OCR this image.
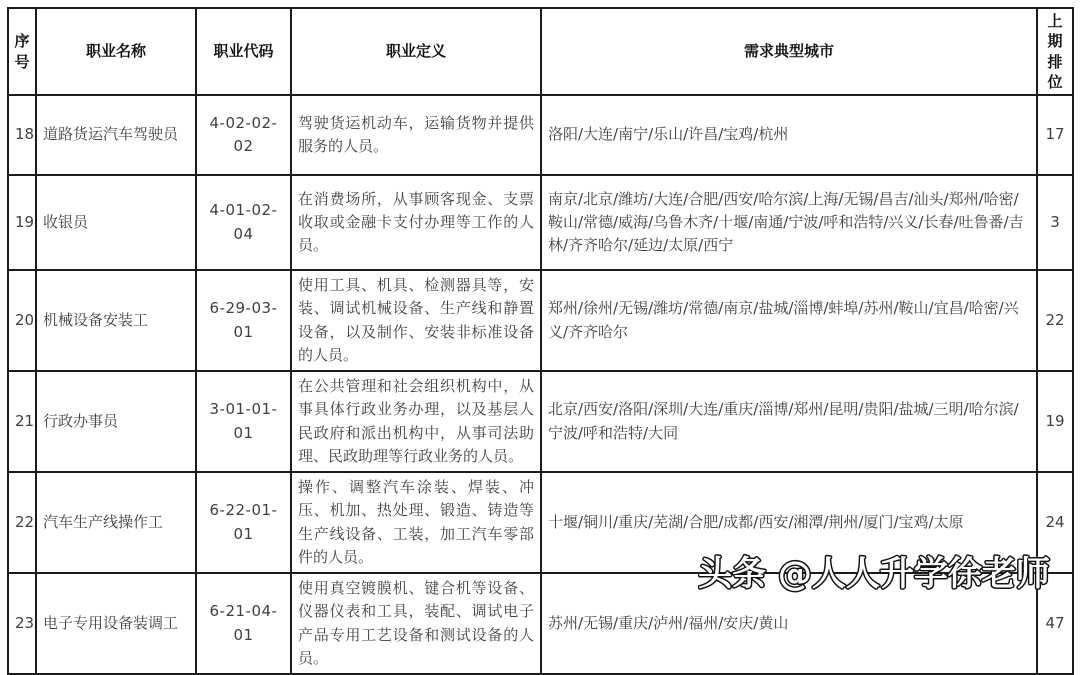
序号	职业名称	职业代码	职业定义	需求典型城市	上期排位
18	道路货运汽车驾驶员	4-02-02-02	驾驶货运机动车，运输货物并提供服务的人员。	洛阳/大连/南宁/乐山/许昌/宝鸡/杭州	17
19	收银员	4-01-02-04	在消费场所，从事顾客现金、支票收取或金融卡支付办理等工作的人员。	南京/北京/潍坊/大连/合肥/西安/哈尔滨/上海/无锡/昌吉/汕头/郑州/哈密/鞍山/常德/威海/乌鲁木齐/十堰/南通/宁波/呼和浩特/兴义/长春/吐鲁番/吉林/齐齐哈尔/延边/太原/西宁	3
20	机械设备安装工	6-29-03-01	使用工具、机具、检测器具等，安装、调试机械设备、生产线和静置设备，以及制作、安装非标准设备的人员。	郑州/徐州/无锡/潍坊/常德/南京/盐城/淄博/蚌埠/苏州/鞍山/宜昌/哈密/兴义/齐齐哈尔	22
21	行政办事员	3-01-01-01	在公共管理和社会组织机构中，从事具体行政业务办理，以及基层人民政府和派出机构中，从事司法助理、民政助理等行政业务的人员。	北京/西安/洛阳/深圳/大连/重庆/淄博/郑州/昆明/贵阳/盐城/三明/哈尔滨/宁波/呼和浩特/大同	19
22	汽车生产线操作工	6-22-01-01	操作、调整汽车涂装、焊装、冲压、机加、热处理、锻造、铸造等生产线设备、工装，加工汽车零部件的人员。	十堰/铜川/重庆/芜湖/合肥/成都/西安/湘潭/荆州/厦门/宝鸡/太原	24
23	电子专用设备装调工	6-21-04-01	使用真空镀膜机、键合机等设备、仪器仪表和工具，装配、调试电子产品专用工艺设备和测试设备的人员。	苏州/无锡/重庆/泸州/福州/安庆/黄山	47
头条 @人人升学徐老师
